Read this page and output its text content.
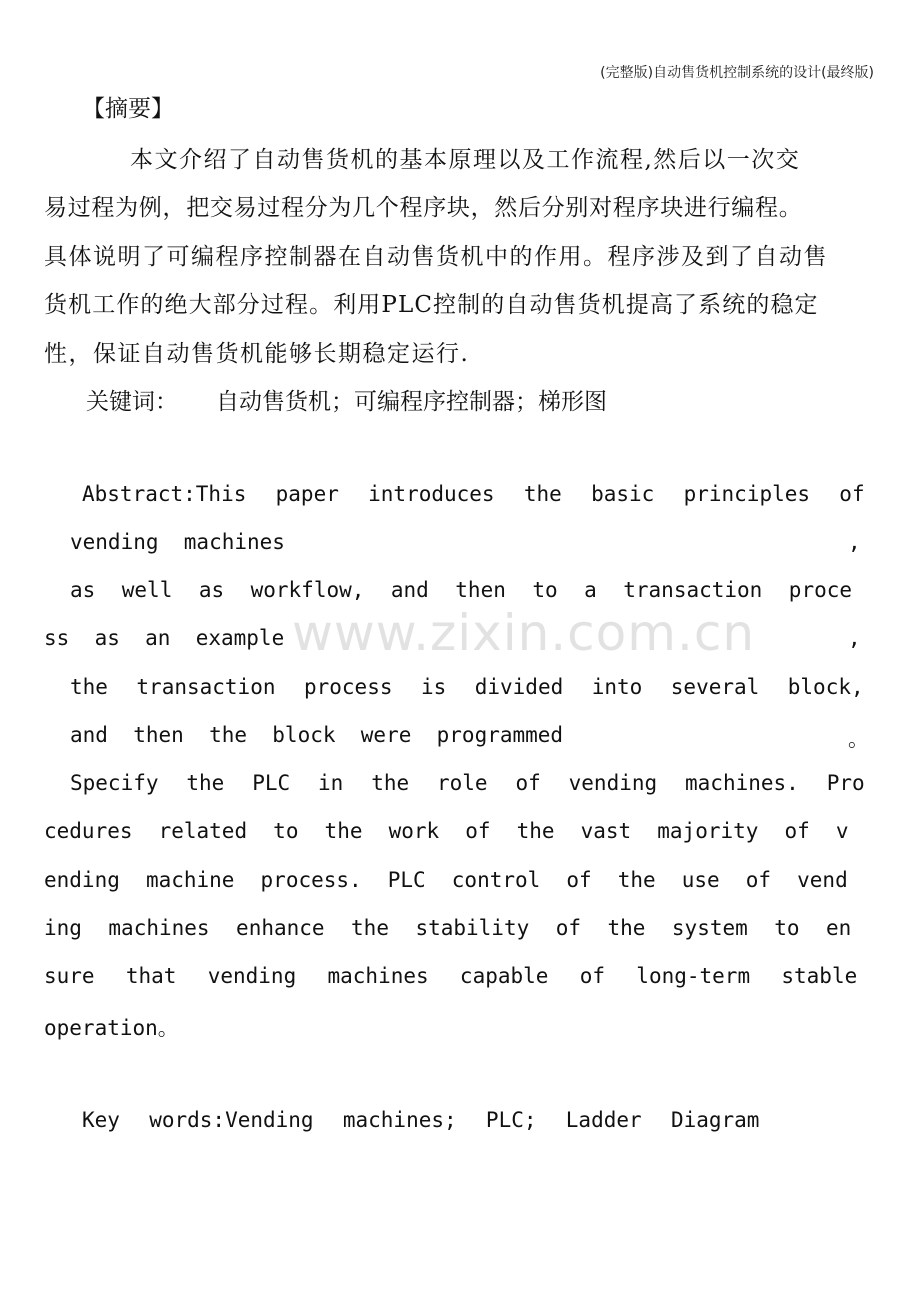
(完整版)自动售货机控制系统的设计(最终版)
www.zixin.com.cn
【摘要】
本文介绍了自动售货机的基本原理以及工作流程,然后以一次交
易过程为例，把交易过程分为几个程序块，然后分别对程序块进行编程。
具体说明了可编程序控制器在自动售货机中的作用。程序涉及到了自动售
货机工作的绝大部分过程。利用PLC控制的自动售货机提高了系统的稳定
性，保证自动售货机能够长期稳定运行.
关键词： 自动售货机；可编程序控制器；梯形图
Abstract:This  paper  introduces  the  basic  principles  of
vending  machines	,
as  well  as  workflow,  and  then  to  a  transaction  proce
ss  as  an  example	,
the  transaction  process  is  divided  into  several  block,
and  then  the  block  were  programmed	。
Specify  the  PLC  in  the  role  of  vending  machines.  Pro
cedures  related  to  the  work  of  the  vast  majority  of  v
ending  machine  process.  PLC  control  of  the  use  of  vend
ing  machines  enhance  the  stability  of  the  system  to  en
sure  that  vending  machines  capable  of  long-term  stable
operation。
Key  words:Vending  machines;  PLC;  Ladder  Diagram
